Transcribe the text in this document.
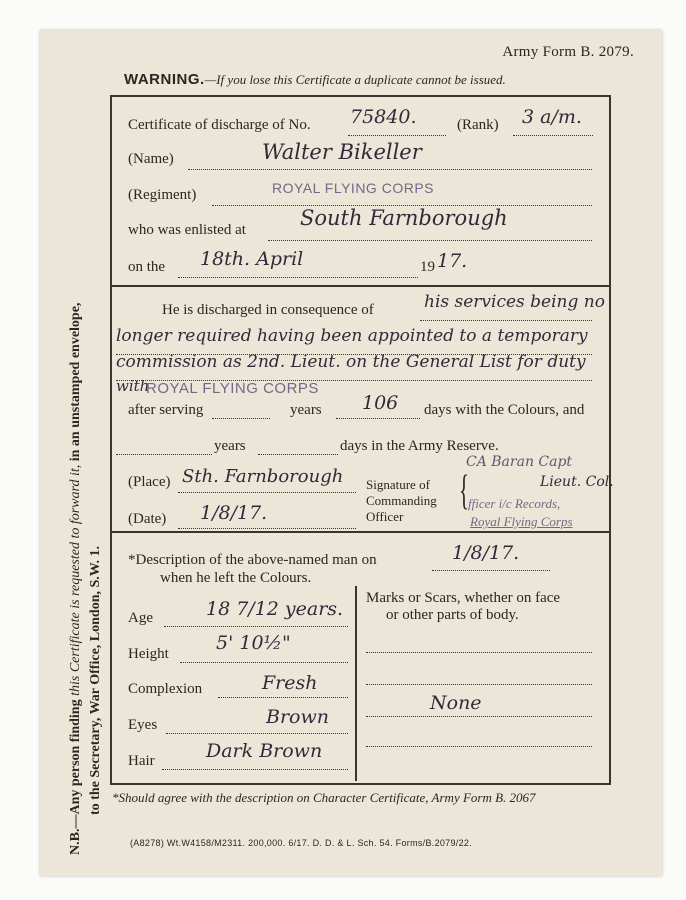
Army Form B. 2079.
WARNING.—If you lose this Certificate a duplicate cannot be issued.
N.B.—Any person finding this Certificate is requested to forward it, in an unstamped envelope,
to the Secretary, War Office, London, S.W. 1.
Certificate of discharge of No. 75840.	(Rank) 3 a/m.
(Name)	Walter Bikeller
(Regiment)	ROYAL FLYING CORPS
who was enlisted at	South Farnborough
on the 18th. April	19 17.
He is discharged in consequence of	his services being no
longer required having been appointed to a temporary
commission as 2nd. Lieut. on the General List for duty
with
ROYAL FLYING CORPS
after serving	years 106 days with the Colours, and
years	days in the Army Reserve.
(Place) Sth. Farnborough
(Date) 1/8/17.
Signature of
Commanding
Officer
{
CA Baran Capt
Lieut. Col.
fficer i/c Records,
Royal Flying Corps
*Description of the above-named man on	1/8/17.
when he left the Colours.
Age	18 7/12 years.
Height 5' 10½"
Complexion	Fresh
Eyes	Brown
Hair	Dark Brown
Marks or Scars, whether on face
or other parts of body.
None
*Should agree with the description on Character Certificate, Army Form B. 2067
(A8278) Wt.W4158/M2311. 200,000. 6/17. D. D. & L. Sch. 54. Forms/B.2079/22.
